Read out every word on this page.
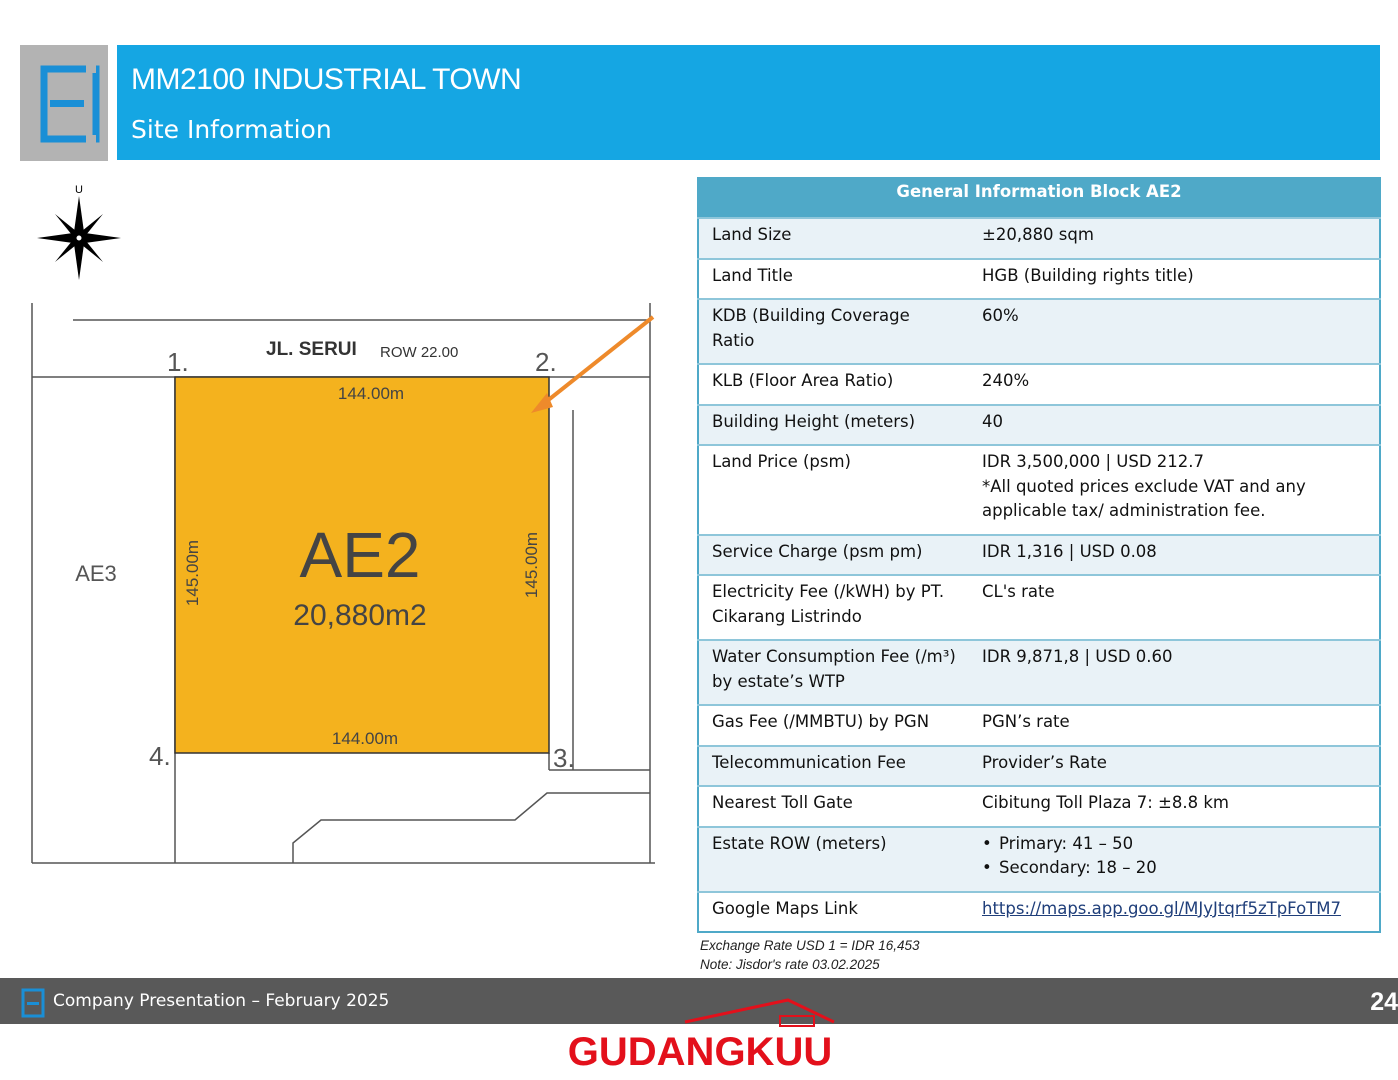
MM2100 INDUSTRIAL TOWN
Site Information
U
JL. SERUI ROW 22.00
1.	2.
3.
4.
144.00m
144.00m
145.00m	145.00m
AE2
20,880m2
AE3
General Information Block AE2	
Land Size	±20,880 sqm
Land Title	HGB (Building rights title)
KDB (Building Coverage Ratio	60%
KLB (Floor Area Ratio)	240%
Building Height (meters)	40
Land Price (psm)	IDR 3,500,000 | USD 212.7
*All quoted prices exclude VAT and any applicable tax/ administration fee.

Service Charge (psm pm)	IDR 1,316 | USD 0.08
Electricity Fee (/kWH) by PT. Cikarang Listrindo	CL's rate
Water Consumption Fee (/m³) by estate’s WTP	IDR 9,871,8 | USD 0.60
Gas Fee (/MMBTU) by PGN	PGN’s rate
Telecommunication Fee	Provider’s Rate
Nearest Toll Gate	Cibitung Toll Plaza 7: ±8.8 km
Estate ROW (meters)	• Primary: 41 – 50
• Secondary: 18 – 20

Google Maps Link	https://maps.app.goo.gl/MJyJtqrf5zTpFoTM7
Exchange Rate USD 1 = IDR 16,453
Note: Jisdor's rate 03.02.2025
Company Presentation – February 2025	24
GUDANGKUU
